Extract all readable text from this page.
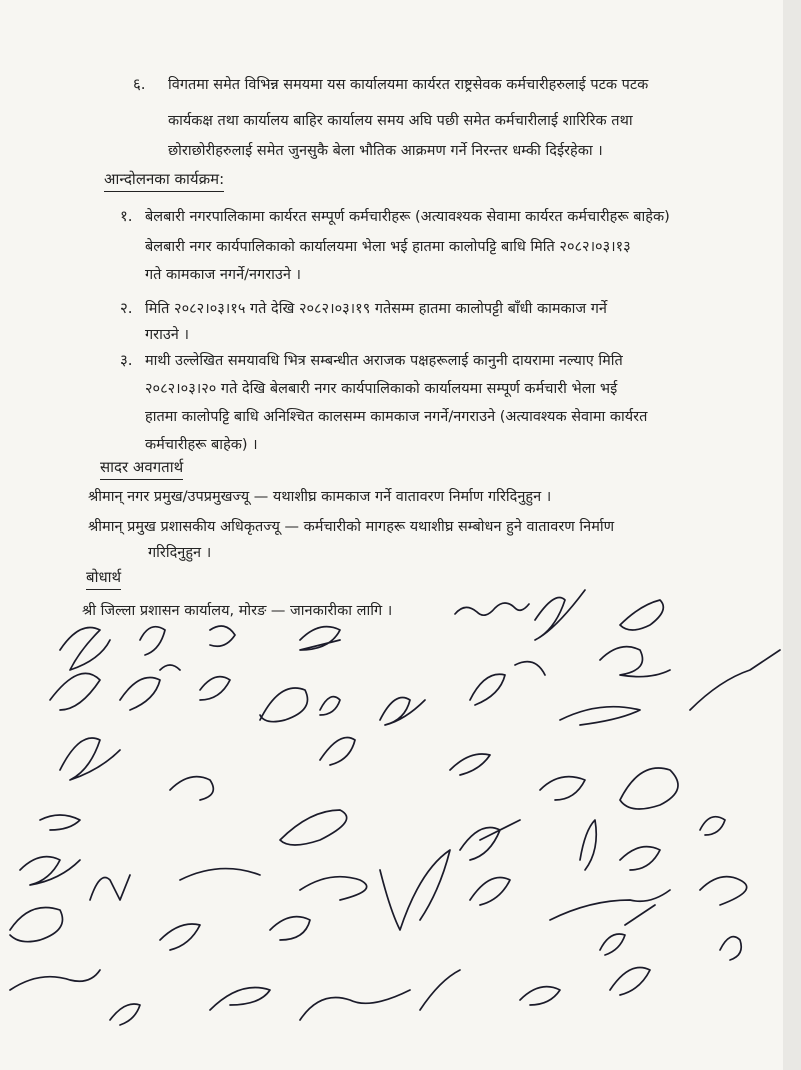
६. विगतमा समेत विभिन्न समयमा यस कार्यालयमा कार्यरत राष्ट्रसेवक कर्मचारीहरुलाई पटक पटक
कार्यकक्ष तथा कार्यालय बाहिर कार्यालय समय अघि पछी समेत कर्मचारीलाई शारिरिक तथा
छोराछोरीहरुलाई समेत जुनसुकै बेला भौतिक आक्रमण गर्ने निरन्तर धम्की दिईरहेका ।
आन्दोलनका कार्यक्रम:
१. बेलबारी नगरपालिकामा कार्यरत सम्पूर्ण कर्मचारीहरू (अत्यावश्यक सेवामा कार्यरत कर्मचारीहरू बाहेक)
बेलबारी नगर कार्यपालिकाको कार्यालयमा भेला भई हातमा कालोपट्टि बाधि मिति २०८२।०३।१३
गते कामकाज नगर्ने/नगराउने ।
२. मिति २०८२।०३।१५ गते देखि २०८२।०३।१९ गतेसम्म हातमा कालोपट्टी बाँधी कामकाज गर्ने
गराउने ।
३. माथी उल्लेखित समयावधि भित्र सम्बन्धीत अराजक पक्षहरूलाई कानुनी दायरामा नल्याए मिति
२०८२।०३।२० गते देखि बेलबारी नगर कार्यपालिकाको कार्यालयमा सम्पूर्ण कर्मचारी भेला भई
हातमा कालोपट्टि बाधि अनिश्चित कालसम्म कामकाज नगर्ने/नगराउने (अत्यावश्यक सेवामा कार्यरत
कर्मचारीहरू बाहेक) ।
सादर अवगतार्थ
श्रीमान् नगर प्रमुख/उपप्रमुखज्यू — यथाशीघ्र कामकाज गर्ने वातावरण निर्माण गरिदिनुहुन ।
श्रीमान् प्रमुख प्रशासकीय अधिकृतज्यू — कर्मचारीको मागहरू यथाशीघ्र सम्बोधन हुने वातावरण निर्माण
गरिदिनुहुन ।
बोधार्थ
श्री जिल्ला प्रशासन कार्यालय, मोरङ — जानकारीका लागि ।
